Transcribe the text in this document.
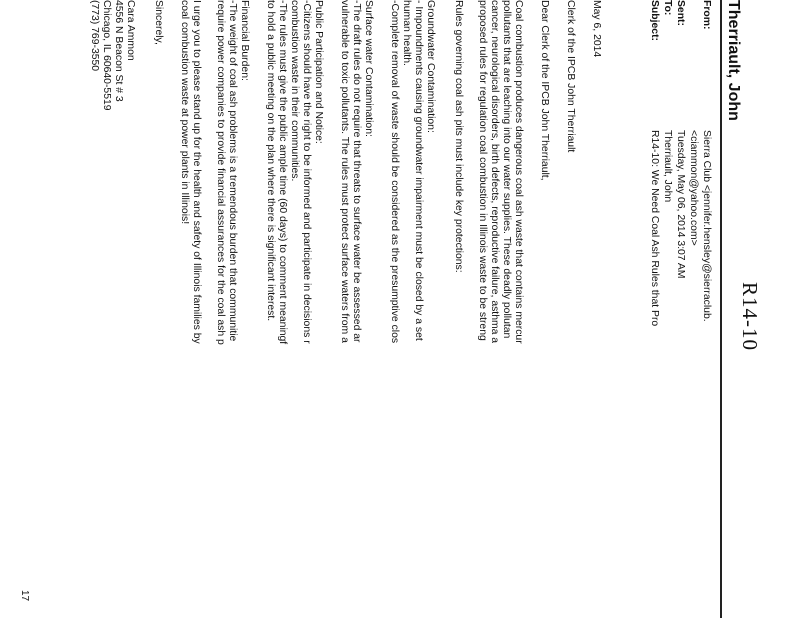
R14-10
Therriault, John
From:
Sierra Club <jennifer.hensley@sierraclub.
<ciammon@yahoo.com>
Sent:
Tuesday, May 06, 2014 3:07 AM
To:
Therriault, John
Subject:
R14-10: We Need Coal Ash Rules that Pro
May 6, 2014
Clerk of the IPCB John Therriault
Dear Clerk of the IPCB John Therriault,
Coal combustion produces dangerous coal ash waste that contains mercur
pollutants that are leaching into our water supplies. These deadly pollutan
cancer, neurological disorders, birth defects, reproductive failure, asthma a
proposed rules for regulation coal combustion in Illinois waste to be streng
Rules governing coal ash pits must include key protections:
Groundwater Contamination:
- Impoundments causing groundwater impairment must be closed by a set
human health.
-Complete removal of waste should be considered as the presumptive clos
Surface water Contamination:
-The draft rules do not require that threats to surface water be assessed ar
vulnerable to toxic pollutants. The rules must protect surface waters from a
Public Participation and Notice:
-Citizens should have the right to be informed and participate in decisions r
combustion waste in their communities.
-The rules must give the public ample time (60 days) to comment meaningf
to hold a public meeting on the plan where there is significant interest.
Financial Burden:
-The weight of coal ash problems is a tremendous burden that communitie
require power companies to provide financial assurances for the coal ash p
I urge you to please stand up for the health and safety of Illinois families by
coal combustion waste at power plants in Illinois!
Sincerely,
Cara Ammon
4556 N Beacon St # 3
Chicago, IL 60640-5519
(773) 769-3550
17
